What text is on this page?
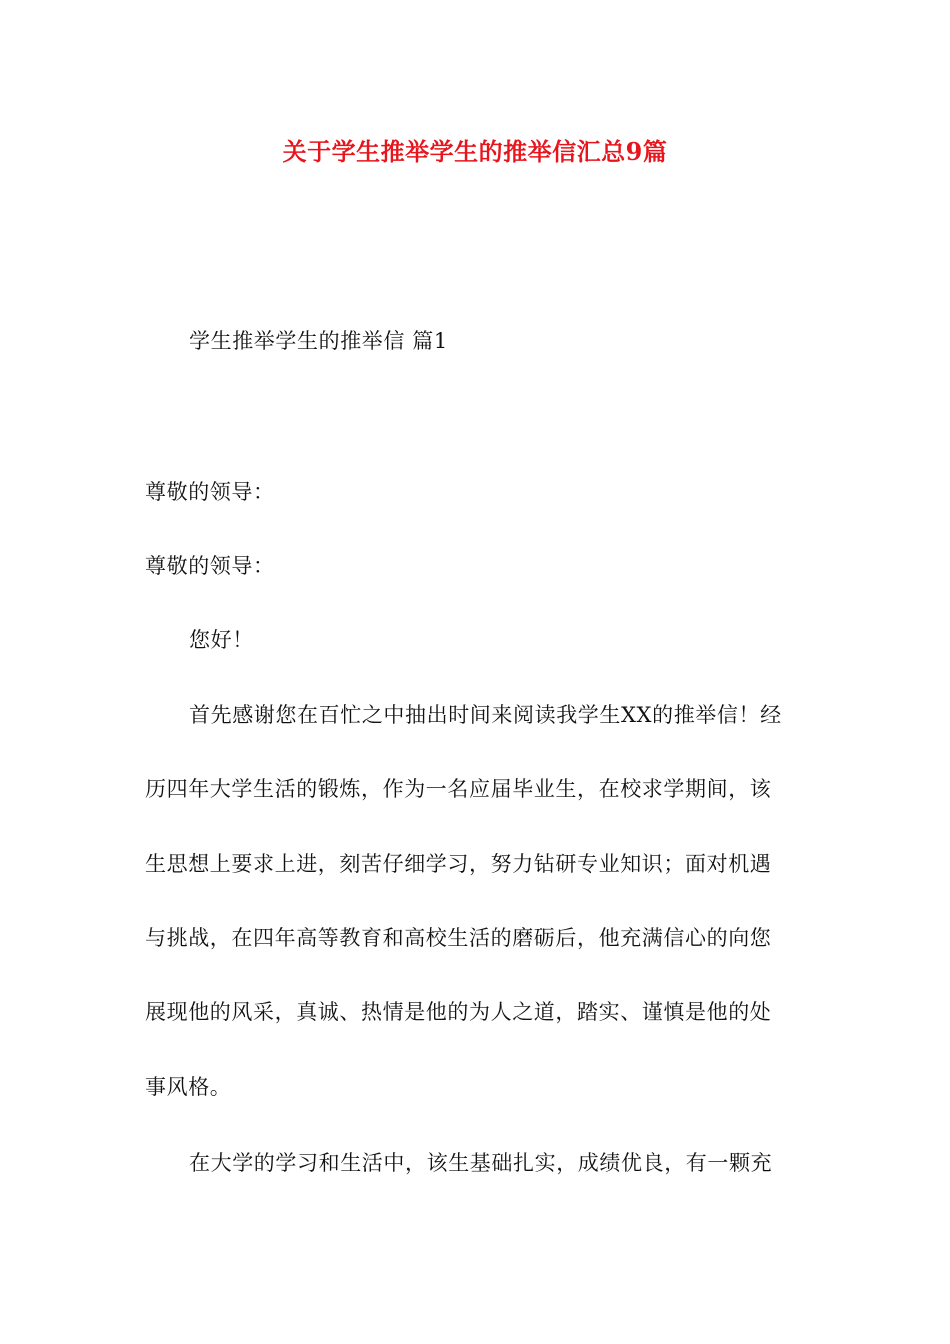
关于学生推举学生的推举信汇总9篇
学生推举学生的推举信 篇1
尊敬的领导：
尊敬的领导：
您好！
首先感谢您在百忙之中抽出时间来阅读我学生XX的推举信！经
历四年大学生活的锻炼，作为一名应届毕业生，在校求学期间，该
生思想上要求上进，刻苦仔细学习，努力钻研专业知识；面对机遇
与挑战，在四年高等教育和高校生活的磨砺后，他充满信心的向您
展现他的风采，真诚、热情是他的为人之道，踏实、谨慎是他的处
事风格。
在大学的学习和生活中，该生基础扎实，成绩优良，有一颗充
